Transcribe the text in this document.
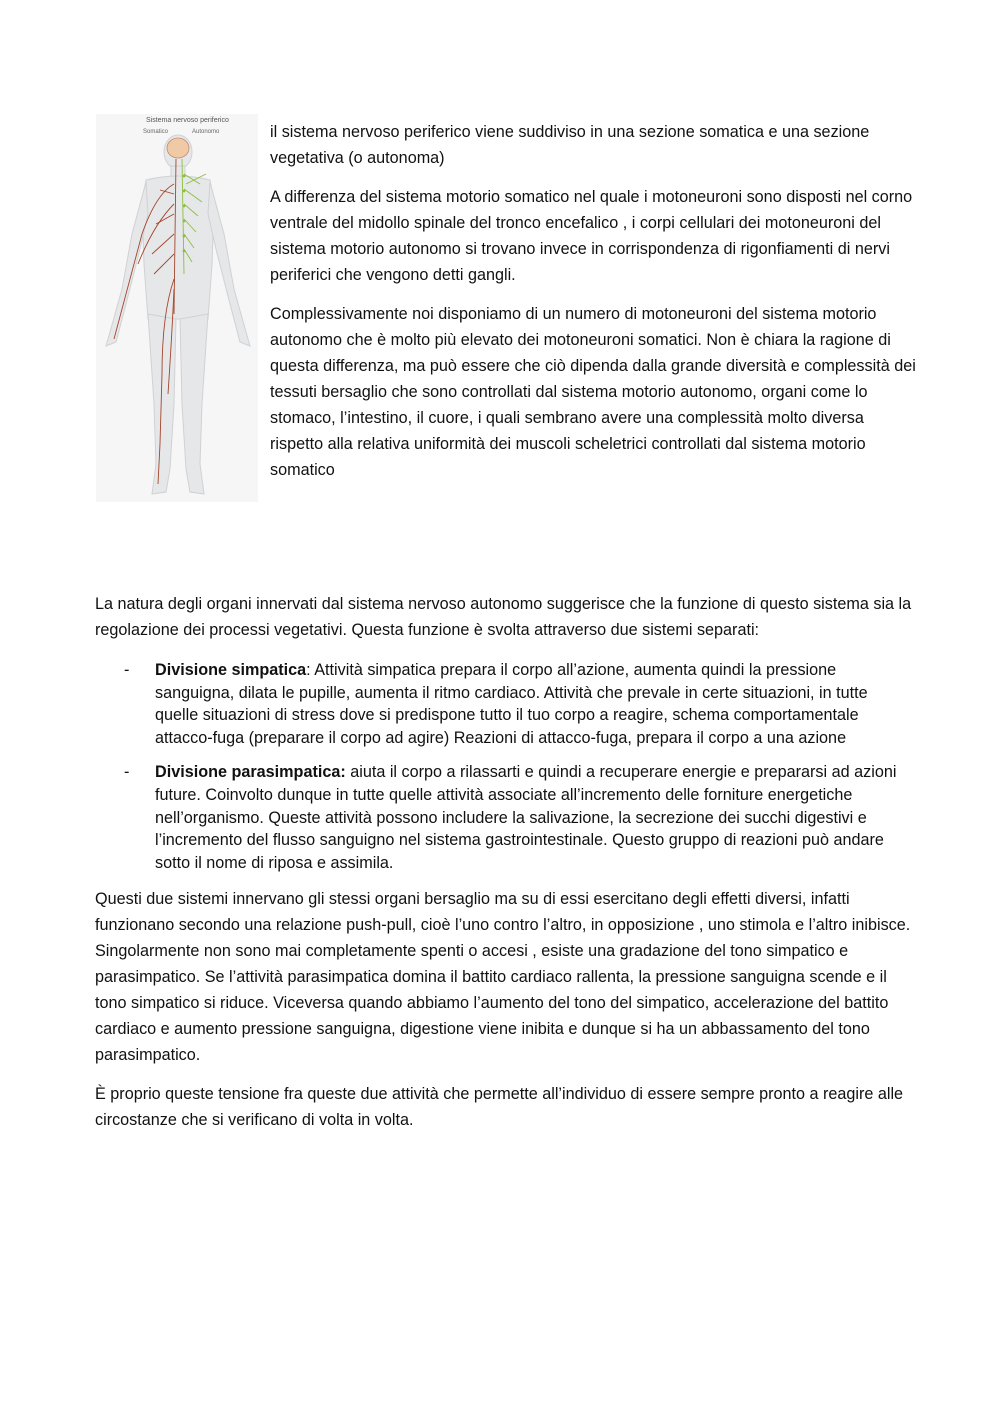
Sistema nervoso periferico
Somatico	Autonomo	il sistema nervoso periferico viene suddiviso in una sezione somatica e una sezione vegetativa (o autonoma)

A differenza del sistema motorio somatico nel quale i motoneuroni sono disposti nel corno ventrale del midollo spinale del tronco encefalico , i corpi cellulari dei motoneuroni del sistema motorio autonomo si trovano invece in corrispondenza di rigonfiamenti di nervi periferici che vengono detti gangli.

Complessivamente noi disponiamo di un numero di motoneuroni del sistema motorio autonomo che è molto più elevato dei motoneuroni somatici. Non è chiara la ragione di questa differenza, ma può essere che ciò dipenda dalla grande diversità e complessità dei tessuti bersaglio che sono controllati dal sistema motorio autonomo, organi come lo stomaco, l’intestino, il cuore, i quali sembrano avere una complessità molto diversa rispetto alla relativa uniformità dei muscoli scheletrici controllati dal sistema motorio somatico

La natura degli organi innervati dal sistema nervoso autonomo suggerisce che la funzione di questo sistema sia la regolazione dei processi vegetativi. Questa funzione è svolta attraverso due sistemi separati:

- Divisione simpatica: Attività simpatica prepara il corpo all’azione, aumenta quindi la pressione sanguigna, dilata le pupille, aumenta il ritmo cardiaco. Attività che prevale in certe situazioni, in tutte quelle situazioni di stress dove si predispone tutto il tuo corpo a reagire, schema comportamentale attacco-fuga (preparare il corpo ad agire) Reazioni di attacco-fuga, prepara il corpo a una azione
- Divisione parasimpatica: aiuta il corpo a rilassarti e quindi a recuperare energie e prepararsi ad azioni future. Coinvolto dunque in tutte quelle attività associate all’incremento delle forniture energetiche nell’organismo. Queste attività possono includere la salivazione, la secrezione dei succhi digestivi e l’incremento del flusso sanguigno nel sistema gastrointestinale. Questo gruppo di reazioni può andare sotto il nome di riposa e assimila.

Questi due sistemi innervano gli stessi organi bersaglio ma su di essi esercitano degli effetti diversi, infatti funzionano secondo una relazione push-pull, cioè l’uno contro l’altro, in opposizione , uno stimola e l’altro inibisce. Singolarmente non sono mai completamente spenti o accesi , esiste una gradazione del tono simpatico e parasimpatico. Se l’attività parasimpatica domina il battito cardiaco rallenta, la pressione sanguigna scende e il tono simpatico si riduce. Viceversa quando abbiamo l’aumento del tono del simpatico, accelerazione del battito cardiaco e aumento pressione sanguigna, digestione viene inibita e dunque si ha un abbassamento del tono parasimpatico.

È proprio queste tensione fra queste due attività che permette all’individuo di essere sempre pronto a reagire alle circostanze che si verificano di volta in volta.
